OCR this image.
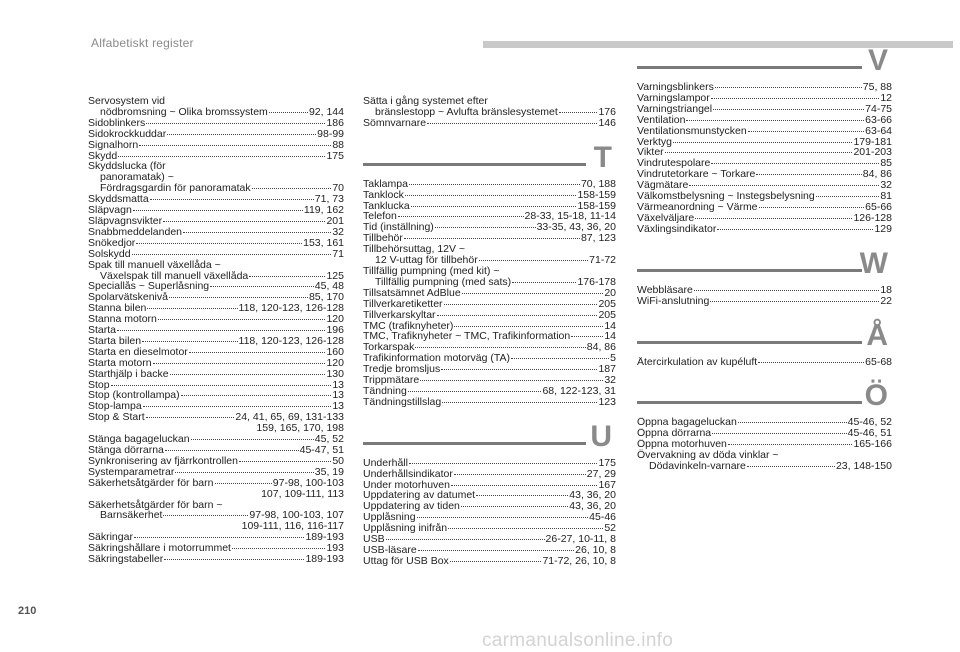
Alfabetiskt register
Servosystem vid
nödbromsning ~ Olika bromssystem	92, 144
Sidoblinkers	186
Sidokrockkuddar	98-99
Signalhorn	88
Skydd	175
Skyddslucka (för
panoramatak) ~
Fördragsgardin för panoramatak	70
Skyddsmatta	71, 73
Släpvagn	119, 162
Släpvagnsvikter	201
Snabbmeddelanden	32
Snökedjor	153, 161
Solskydd	71
Spak till manuell växellåda ~
Växelspak till manuell växellåda	125
Speciallås ~ Superlåsning	45, 48
Spolarvätskenivå	85, 170
Stanna bilen	118, 120-123, 126-128
Stanna motorn	120
Starta	196
Starta bilen	118, 120-123, 126-128
Starta en dieselmotor	160
Starta motorn	120
Starthjälp i backe	130
Stop	13
Stop (kontrollampa)	13
Stop-lampa	13
Stop & Start	24, 41, 65, 69, 131-133
159, 165, 170, 198
Stänga bagageluckan	45, 52
Stänga dörrarna	45-47, 51
Synkronisering av fjärrkontrollen	50
Systemparametrar	35, 19
Säkerhetsåtgärder för barn	97-98, 100-103
107, 109-111, 113
Säkerhetsåtgärder för barn ~
Barnsäkerhet	97-98, 100-103, 107
109-111, 116, 116-117
Säkringar	189-193
Säkringshållare i motorrummet	193
Säkringstabeller	189-193
Sätta i gång systemet efter
bränslestopp ~ Avlufta bränslesystemet	176
Sömnvarnare	146
T
Taklampa	70, 188
Tanklock	158-159
Tanklucka	158-159
Telefon	28-33, 15-18, 11-14
Tid (inställning)	33-35, 43, 36, 20
Tillbehör	87, 123
Tillbehörsuttag, 12V ~
12 V-uttag för tillbehör	71-72
Tillfällig pumpning (med kit) ~
Tillfällig pumpning (med sats)	176-178
Tillsatsämnet AdBlue	20
Tillverkaretiketter	205
Tillverkarskyltar	205
TMC (trafiknyheter)	14
TMC, Trafiknyheter ~ TMC, Trafikinformation	14
Torkarspak	84, 86
Trafikinformation motorväg (TA)	5
Tredje bromsljus	187
Trippmätare	32
Tändning	68, 122-123, 31
Tändningstillslag	123
U
Underhåll	175
Underhållsindikator	27, 29
Under motorhuven	167
Uppdatering av datumet	43, 36, 20
Uppdatering av tiden	43, 36, 20
Upplåsning	45-46
Upplåsning inifrån	52
USB	26-27, 10-11, 8
USB-läsare	26, 10, 8
Uttag för USB Box	71-72, 26, 10, 8
V
Varningsblinkers	75, 88
Varningslampor	12
Varningstriangel	74-75
Ventilation	63-66
Ventilationsmunstycken	63-64
Verktyg	179-181
Vikter	201-203
Vindrutespolare	85
Vindrutetorkare ~ Torkare	84, 86
Vägmätare	32
Välkomstbelysning ~ Instegsbelysning	81
Värmeanordning ~ Värme	65-66
Växelväljare	126-128
Växlingsindikator	129
W
Webbläsare	18
WiFi-anslutning	22
Å
Återcirkulation av kupéluft	65-68
Ö
Öppna bagageluckan	45-46, 52
Öppna dörrarna	45-46, 51
Öppna motorhuven	165-166
Övervakning av döda vinklar ~
Dödavinkeln-varnare	23, 148-150
210
carmanualsonline.info
